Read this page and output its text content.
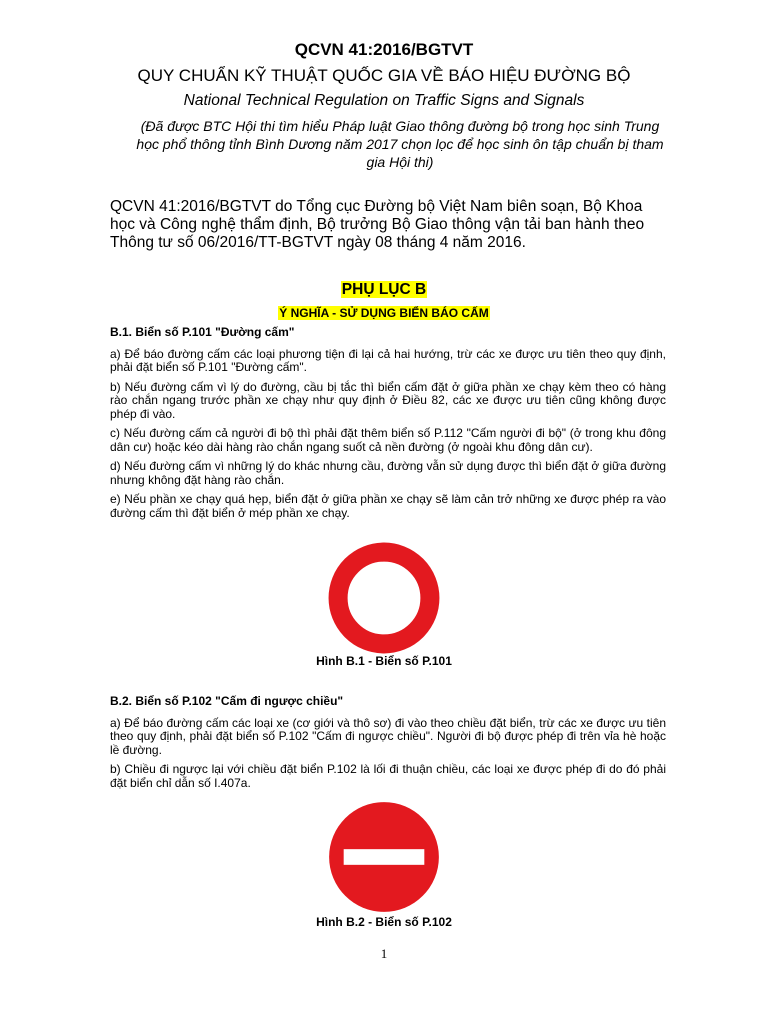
QCVN 41:2016/BGTVT
QUY CHUẨN KỸ THUẬT QUỐC GIA VỀ BÁO HIỆU ĐƯỜNG BỘ
National Technical Regulation on Traffic Signs and Signals
(Đã được BTC Hội thi tìm hiểu Pháp luật Giao thông đường bộ trong học sinh Trung học phổ thông tỉnh Bình Dương năm 2017 chọn lọc để học sinh ôn tập chuẩn bị tham gia Hội thi)
QCVN 41:2016/BGTVT do Tổng cục Đường bộ Việt Nam biên soạn, Bộ Khoa học và Công nghệ thẩm định, Bộ trưởng Bộ Giao thông vận tải ban hành theo Thông tư số 06/2016/TT-BGTVT ngày 08 tháng 4 năm 2016.
PHỤ LỤC B
Ý NGHĨA - SỬ DỤNG BIỂN BÁO CẤM
B.1. Biển số P.101 "Đường cấm"
a) Để báo đường cấm các loại phương tiện đi lại cả hai hướng, trừ các xe được ưu tiên theo quy định, phải đặt biển số P.101 "Đường cấm".
b) Nếu đường cấm vì lý do đường, cầu bị tắc thì biển cấm đặt ở giữa phần xe chạy kèm theo có hàng rào chắn ngang trước phần xe chạy như quy định ở Điều 82, các xe được ưu tiên cũng không được phép đi vào.
c) Nếu đường cấm cả người đi bộ thì phải đặt thêm biển số P.112 "Cấm người đi bộ" (ở trong khu đông dân cư) hoặc kéo dài hàng rào chắn ngang suốt cả nền đường (ở ngoài khu đông dân cư).
d) Nếu đường cấm vì những lý do khác nhưng cầu, đường vẫn sử dụng được thì biển đặt ở giữa đường nhưng không đặt hàng rào chắn.
e) Nếu phần xe chạy quá hẹp, biển đặt ở giữa phần xe chạy sẽ làm cản trở những xe được phép ra vào đường cấm thì đặt biển ở mép phần xe chạy.
Hình B.1 - Biển số P.101
B.2. Biển số P.102 "Cấm đi ngược chiều"
a) Để báo đường cấm các loại xe (cơ giới và thô sơ) đi vào theo chiều đặt biển, trừ các xe được ưu tiên theo quy định, phải đặt biển số P.102 "Cấm đi ngược chiều". Người đi bộ được phép đi trên vỉa hè hoặc lề đường.
b) Chiều đi ngược lại với chiều đặt biển P.102 là lối đi thuận chiều, các loại xe được phép đi do đó phải đặt biển chỉ dẫn số I.407a.
Hình B.2 - Biển số P.102
1
